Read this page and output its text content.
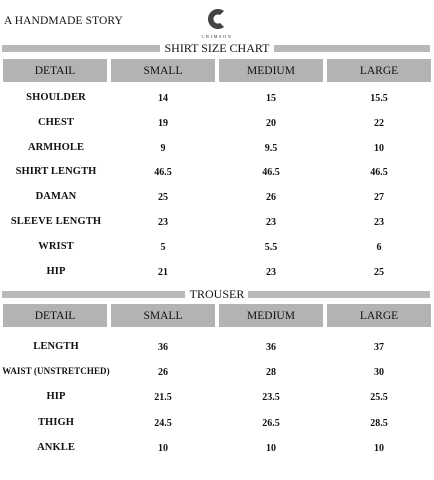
A HANDMADE STORY
CRIMSON
SHIRT SIZE CHART
DETAIL	SMALL	MEDIUM	LARGE
SHOULDER	14	15	15.5
CHEST	19	20	22
ARMHOLE	9	9.5	10
SHIRT LENGTH	46.5	46.5	46.5
DAMAN	25	26	27
SLEEVE LENGTH	23	23	23
WRIST	5	5.5	6
HIP	21	23	25
TROUSER
DETAIL	SMALL	MEDIUM	LARGE
LENGTH	36	36	37
WAIST (UNSTRETCHED)	26	28	30
HIP	21.5	23.5	25.5
THIGH	24.5	26.5	28.5
ANKLE	10	10	10
